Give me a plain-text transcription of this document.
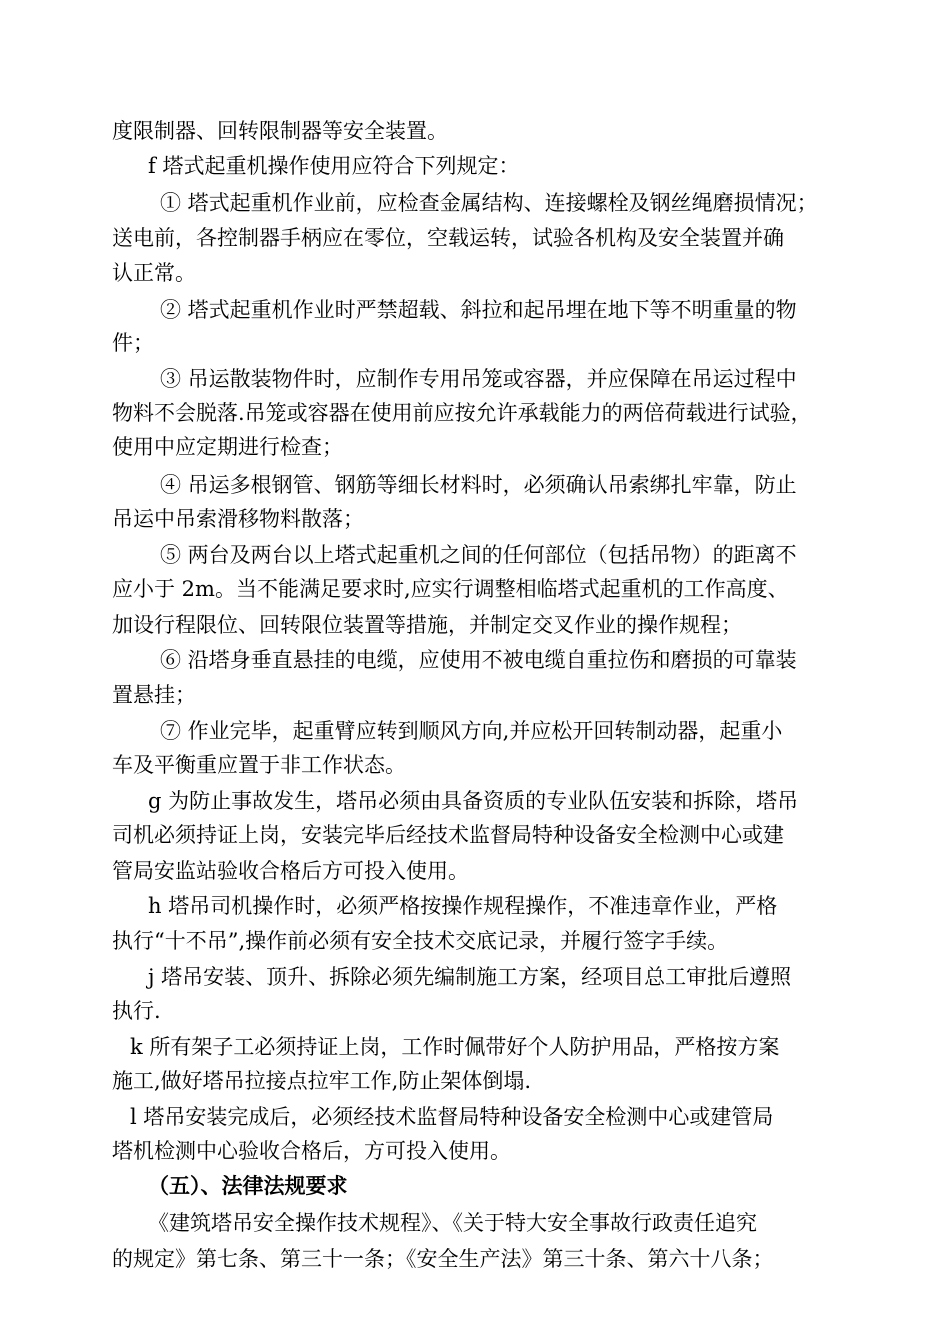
度限制器、回转限制器等安全装置。
f 塔式起重机操作使用应符合下列规定：
① 塔式起重机作业前，应检查金属结构、连接螺栓及钢丝绳磨损情况；
送电前，各控制器手柄应在零位，空载运转，试验各机构及安全装置并确
认正常。
② 塔式起重机作业时严禁超载、斜拉和起吊埋在地下等不明重量的物
件；
③ 吊运散装物件时，应制作专用吊笼或容器，并应保障在吊运过程中
物料不会脱落.吊笼或容器在使用前应按允许承载能力的两倍荷载进行试验，
使用中应定期进行检查；
④ 吊运多根钢管、钢筋等细长材料时，必须确认吊索绑扎牢靠，防止
吊运中吊索滑移物料散落；
⑤ 两台及两台以上塔式起重机之间的任何部位（包括吊物）的距离不
应小于 2m。当不能满足要求时,应实行调整相临塔式起重机的工作高度、
加设行程限位、回转限位装置等措施，并制定交叉作业的操作规程；
⑥ 沿塔身垂直悬挂的电缆，应使用不被电缆自重拉伤和磨损的可靠装
置悬挂；
⑦ 作业完毕，起重臂应转到顺风方向,并应松开回转制动器，起重小
车及平衡重应置于非工作状态。
g 为防止事故发生，塔吊必须由具备资质的专业队伍安装和拆除，塔吊
司机必须持证上岗，安装完毕后经技术监督局特种设备安全检测中心或建
管局安监站验收合格后方可投入使用。
h 塔吊司机操作时，必须严格按操作规程操作，不准违章作业，严格
执行“十不吊”,操作前必须有安全技术交底记录，并履行签字手续。
j 塔吊安装、顶升、拆除必须先编制施工方案，经项目总工审批后遵照
执行.
k 所有架子工必须持证上岗，工作时佩带好个人防护用品，严格按方案
施工,做好塔吊拉接点拉牢工作,防止架体倒塌.
l 塔吊安装完成后，必须经技术监督局特种设备安全检测中心或建管局
塔机检测中心验收合格后，方可投入使用。
（五）、法律法规要求
《建筑塔吊安全操作技术规程》、《关于特大安全事故行政责任追究
的规定》第七条、第三十一条；《安全生产法》第三十条、第六十八条；
